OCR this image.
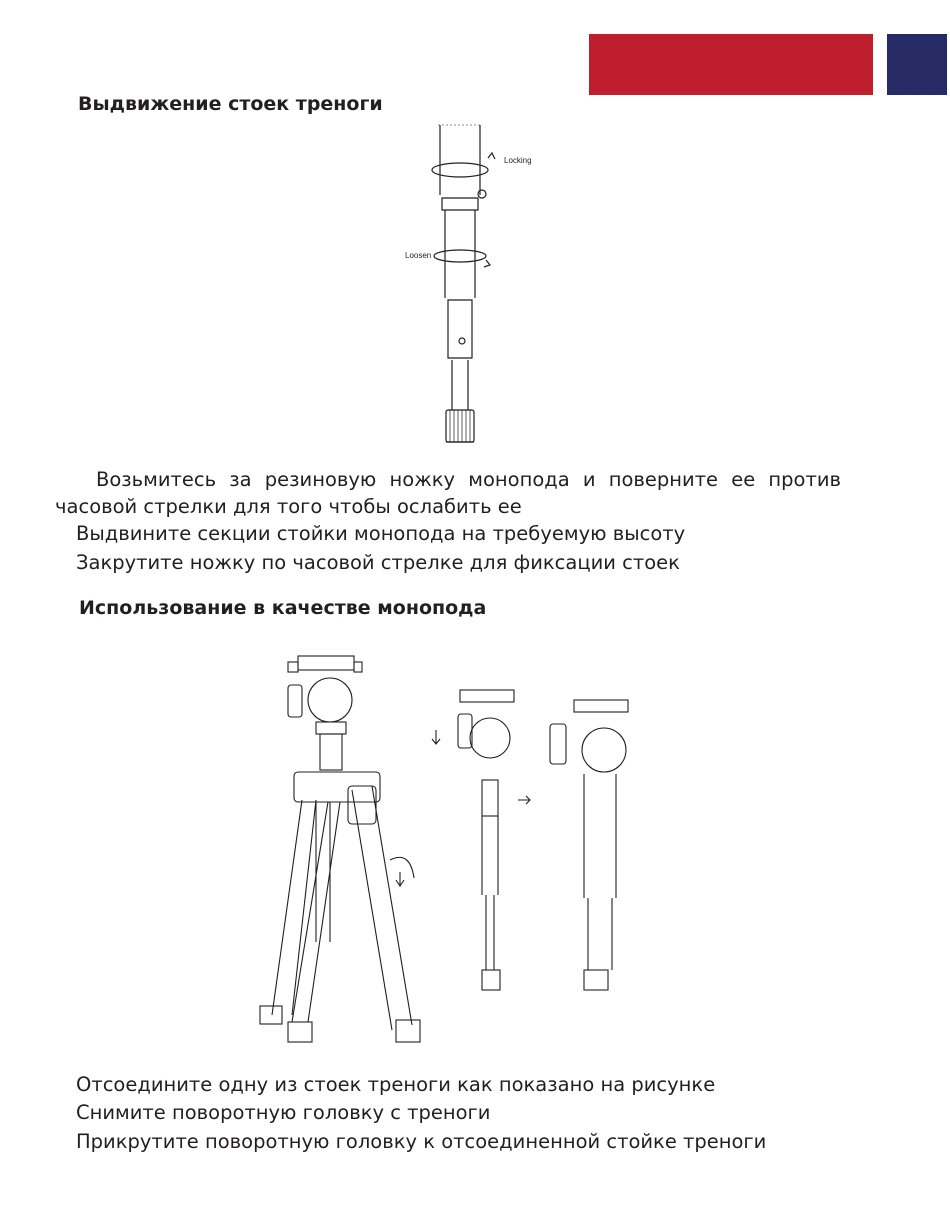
Выдвижение стоек треноги
Locking
Loosen

Возьмитесь за резиновую ножку монопода и поверните ее против часовой стрелки для того чтобы ослабить ее

Выдвините секции стойки монопода на требуемую высоту

Закрутите ножку по часовой стрелке для фиксации стоек

Использование в качестве монопода

Отсоедините одну из стоек треноги как показано на рисунке

Снимите поворотную головку с треноги

Прикрутите поворотную головку к отсоединенной стойке треноги
